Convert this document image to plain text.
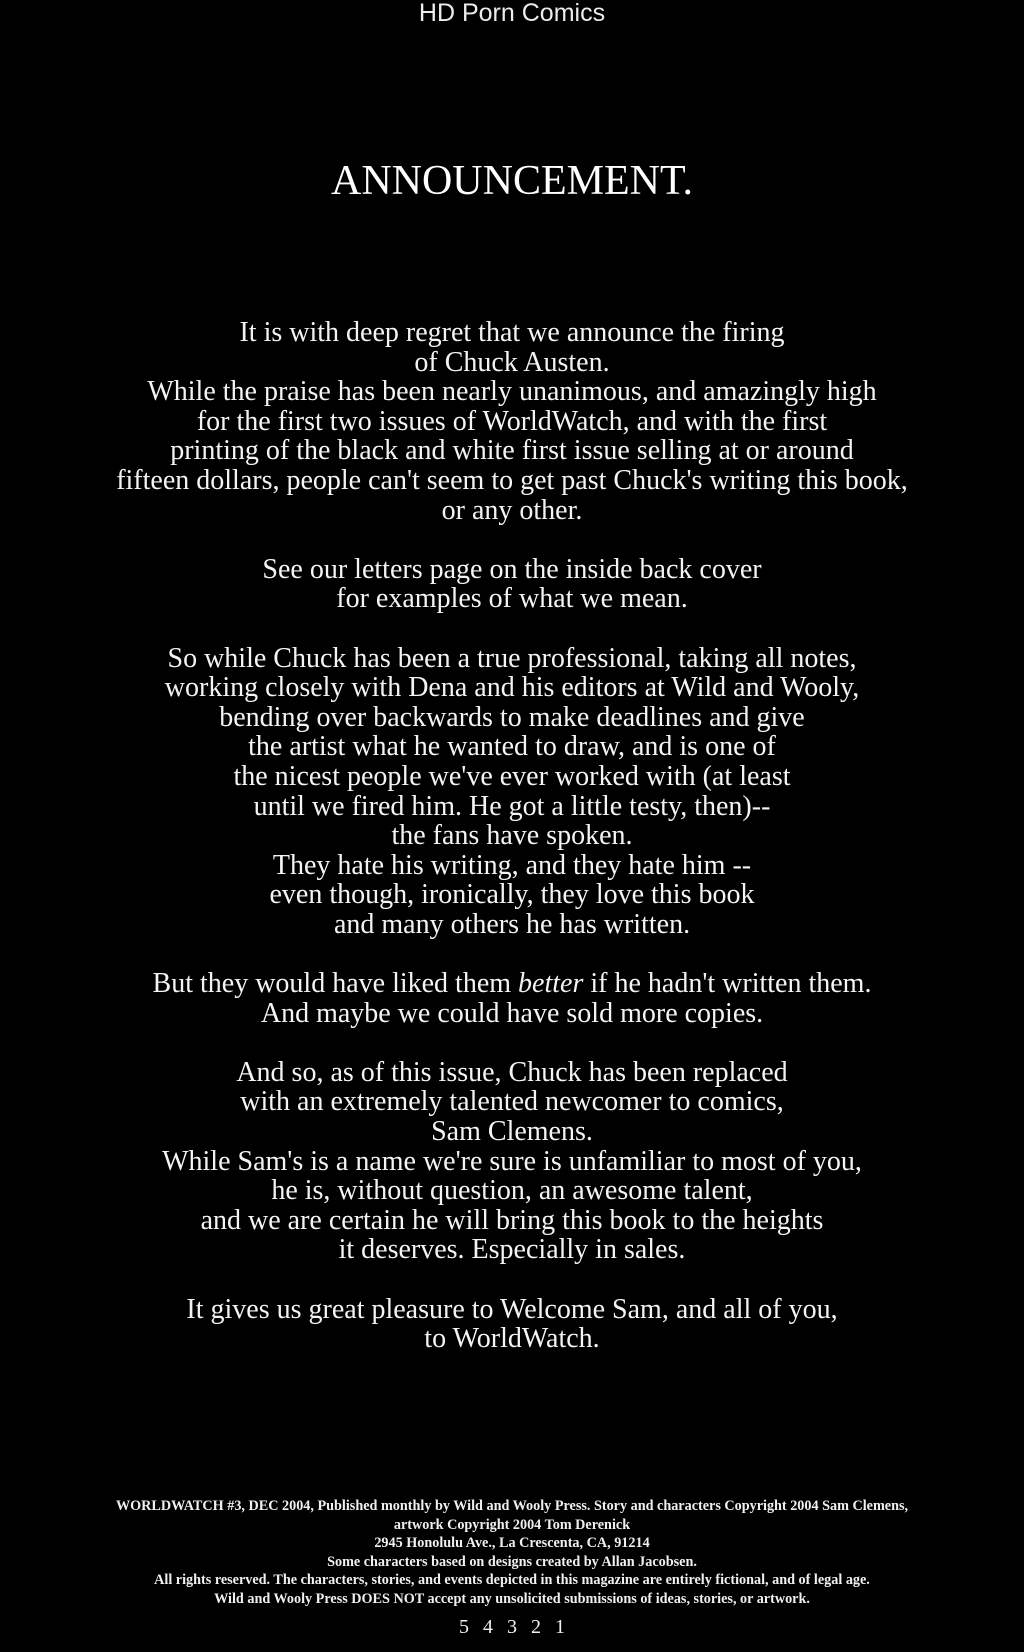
HD Porn Comics
ANNOUNCEMENT.

It is with deep regret that we announce the firing
of Chuck Austen.
While the praise has been nearly unanimous, and amazingly high
for the first two issues of WorldWatch, and with the first
printing of the black and white first issue selling at or around
fifteen dollars, people can't seem to get past Chuck's writing this book,
or any other.

See our letters page on the inside back cover
for examples of what we mean.

So while Chuck has been a true professional, taking all notes,
working closely with Dena and his editors at Wild and Wooly,
bending over backwards to make deadlines and give
the artist what he wanted to draw, and is one of
the nicest people we've ever worked with (at least
until we fired him. He got a little testy, then)--
the fans have spoken.
They hate his writing, and they hate him --
even though, ironically, they love this book
and many others he has written.

But they would have liked them better if he hadn't written them.
And maybe we could have sold more copies.

And so, as of this issue, Chuck has been replaced
with an extremely talented newcomer to comics,
Sam Clemens.
While Sam's is a name we're sure is unfamiliar to most of you,
he is, without question, an awesome talent,
and we are certain he will bring this book to the heights
it deserves. Especially in sales.

It gives us great pleasure to Welcome Sam, and all of you,
to WorldWatch.

WORLDWATCH #3, DEC 2004, Published monthly by Wild and Wooly Press. Story and characters Copyright 2004 Sam Clemens,
artwork Copyright 2004 Tom Derenick
2945 Honolulu Ave., La Crescenta, CA, 91214
Some characters based on designs created by Allan Jacobsen.
All rights reserved. The characters, stories, and events depicted in this magazine are entirely fictional, and of legal age.
Wild and Wooly Press DOES NOT accept any unsolicited submissions of ideas, stories, or artwork.
5 4 3 2 1
